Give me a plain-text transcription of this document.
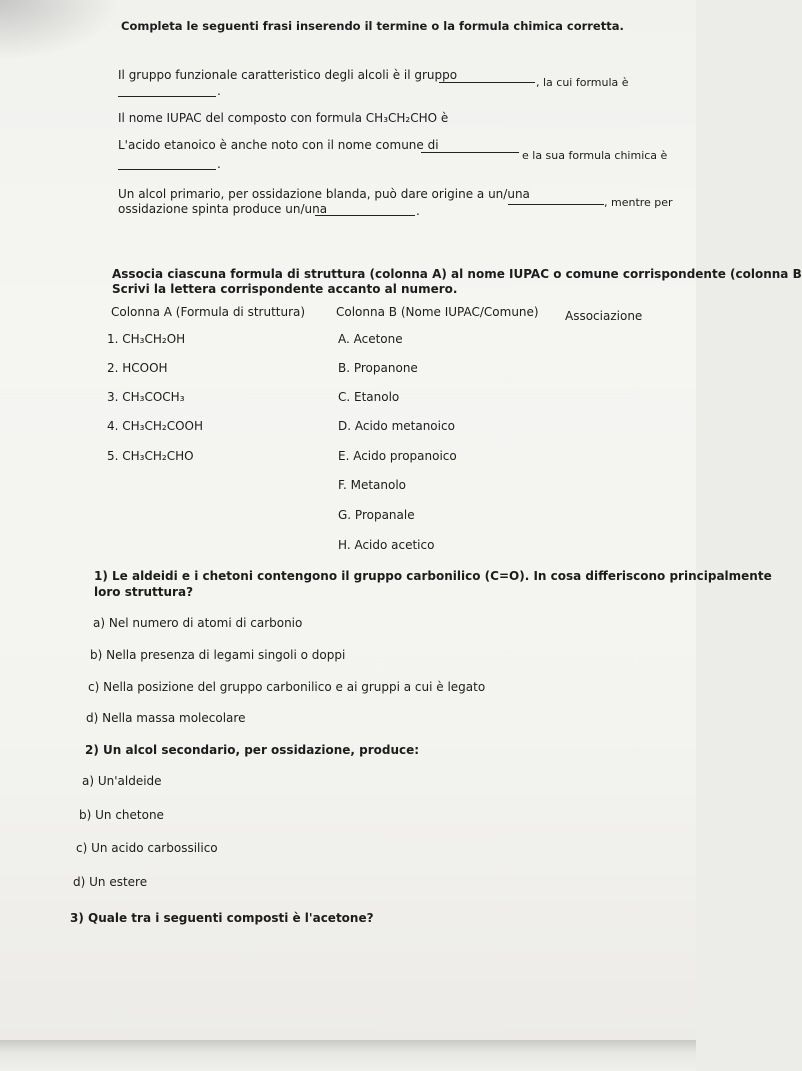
Completa le seguenti frasi inserendo il termine o la formula chimica corretta.
Il gruppo funzionale caratteristico degli alcoli è il gruppo
, la cui formula è
.
Il nome IUPAC del composto con formula CH₃CH₂CHO è
L'acido etanoico è anche noto con il nome comune di
e la sua formula chimica è
.
Un alcol primario, per ossidazione blanda, può dare origine a un/una
, mentre per
ossidazione spinta produce un/una	.
Associa ciascuna formula di struttura (colonna A) al nome IUPAC o comune corrispondente (colonna B
Scrivi la lettera corrispondente accanto al numero.
Colonna A (Formula di struttura)	Colonna B (Nome IUPAC/Comune) Associazione
1. CH₃CH₂OH
2. HCOOH
3. CH₃COCH₃
4. CH₃CH₂COOH
5. CH₃CH₂CHO
A. Acetone
B. Propanone
C. Etanolo
D. Acido metanoico
E. Acido propanoico
F. Metanolo
G. Propanale
H. Acido acetico
1) Le aldeidi e i chetoni contengono il gruppo carbonilico (C=O). In cosa differiscono principalmente
loro struttura?
a) Nel numero di atomi di carbonio
b) Nella presenza di legami singoli o doppi
c) Nella posizione del gruppo carbonilico e ai gruppi a cui è legato
d) Nella massa molecolare
2) Un alcol secondario, per ossidazione, produce:
a) Un'aldeide
b) Un chetone
c) Un acido carbossilico
d) Un estere
3) Quale tra i seguenti composti è l'acetone?
